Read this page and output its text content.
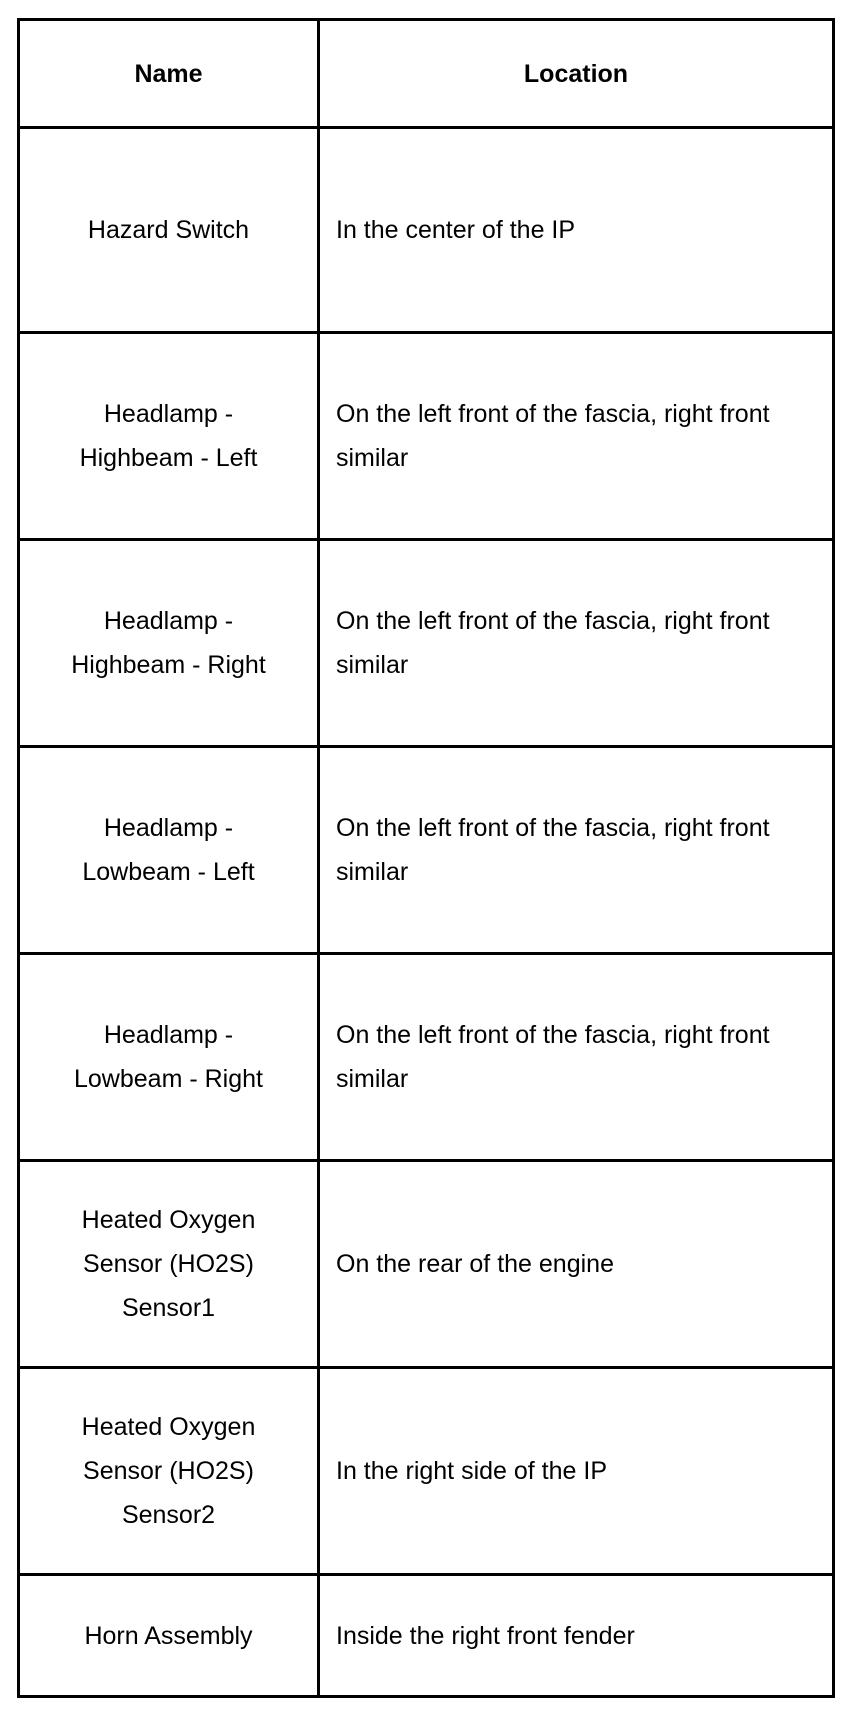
Name	Location
Hazard Switch	In the center of the IP
Headlamp -
Highbeam - Left	On the left front of the fascia, right front similar
Headlamp -
Highbeam - Right	On the left front of the fascia, right front similar
Headlamp -
Lowbeam - Left	On the left front of the fascia, right front similar
Headlamp -
Lowbeam - Right	On the left front of the fascia, right front similar
Heated Oxygen
Sensor (HO2S)
Sensor1	On the rear of the engine
Heated Oxygen
Sensor (HO2S)
Sensor2	In the right side of the IP
Horn Assembly	Inside the right front fender
